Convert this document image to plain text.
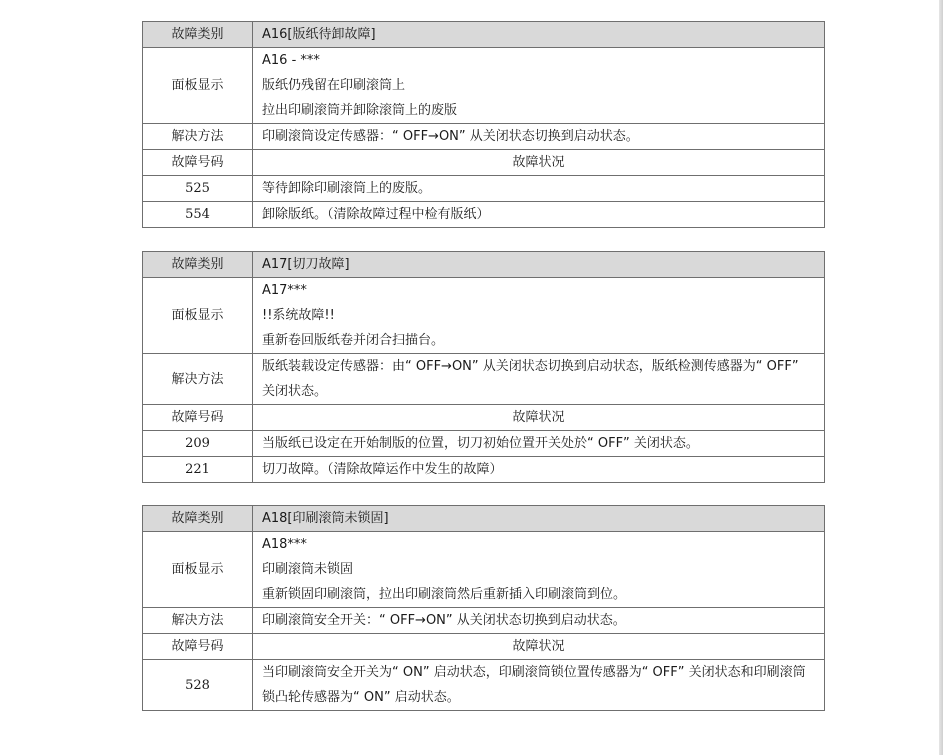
故障类别	A16[版纸待卸故障]
面板显示	A16 - ***
版纸仍残留在印刷滚筒上
拉出印刷滚筒并卸除滚筒上的废版

解决方法	印刷滚筒设定传感器：“ OFF→ON” 从关闭状态切换到启动状态。
故障号码	故障状况
525	等待卸除印刷滚筒上的废版。
554	卸除版纸。（清除故障过程中检有版纸）
故障类别	A17[切刀故障]
面板显示	A17***
!!系统故障!!
重新卷回版纸卷并闭合扫描台。

解决方法	版纸装载设定传感器：由“ OFF→ON” 从关闭状态切换到启动状态，版纸检测传感器为“ OFF” 关闭状态。

故障号码	故障状况
209	当版纸已设定在开始制版的位置，切刀初始位置开关处於“ OFF” 关闭状态。
221	切刀故障。（清除故障运作中发生的故障）
故障类别	A18[印刷滚筒未锁固]
面板显示	A18***
印刷滚筒未锁固
重新锁固印刷滚筒，拉出印刷滚筒然后重新插入印刷滚筒到位。

解决方法	印刷滚筒安全开关：“ OFF→ON” 从关闭状态切换到启动状态。
故障号码	故障状况
528	当印刷滚筒安全开关为“ ON” 启动状态，印刷滚筒锁位置传感器为“ OFF” 关闭状态和印刷滚筒锁凸轮传感器为“ ON” 启动状态。
